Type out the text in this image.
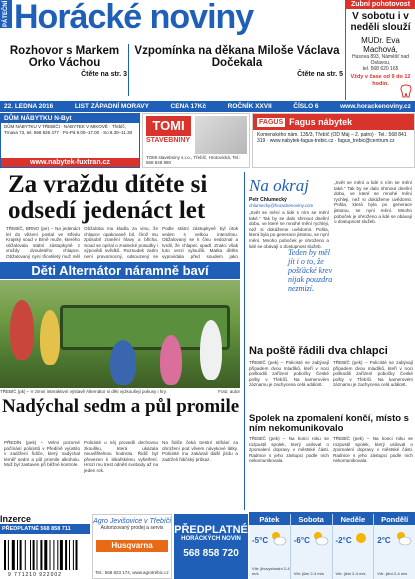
PÁTEČNÍ Horácké noviny
Rozhovor s Markem Orko Váchou
Čtěte na str. 3
Vzpomínka na děkana Miloše Václava Dočekala
Čtěte na str. 5
Zubní pohotovost
V sobotu i v neděli slouží
MUDr. Eva Machová,
Husova 893, Náměšť nad Oslavou,
tel. 568 620 165
Vždy v čase od 9 do 12 hodin.
22. LEDNA 2016	LIST ZÁPADNÍ MORAVY	CENA 17Kč	ROČNÍK XXVII	ČÍSLO 6	www.horackenoviny.cz
DŮM NÁBYTKU N-Byt
DŮM NÁBYTKU V TŘEBÍČI · NÁBYTEK V MIKOVĚ · Třebíč, Trnava 73, tel. 568 826 477 · Po-Pá 9.00–17.00 · So 8.30–11.30
www.nabytek-fuxtran.cz
TOMI
STAVEBNINY
TOMI stavebniny s.r.o., Třebíč, Hrotovická, Tel.: 568 848 880
FAGUS Fagus nábytek
Komenského nám. 135/3, Třebíč (OD Máj – 2. patro) · Tel.: 568 841 319 · www.nabytek-fagus-trebic.cz · fagus_trebic@centrum.cz
Za vraždu dítěte si odsedí jedenáct let
TŘEBÍČ, BRNO (pe) – Na jedenáct let do vězení poslal ve středu Krajský soud v Brně muže, kterého obžalovala státní zástupkyně z vraždy dvouletého chlapce. Obžalovaný nyní třicetiletý muž měl
Obžaloba mu kladla za vinu, že chlapce opakovaně bil, čímž mu způsobil zranění hlavy a břicha. Soud se opíral o znalecké posudky i výpovědi svědků. Rozsudek zatím není pravomocný, odsouzený se
Podle státní zástupkyně byl útok veden s velkou intenzitou. Obžalovaný se k činu nedoznal a tvrdil, že chlapec upadl. Znalci však tuto verzi vyloučili. Matka dítěte vypovídala před soudem jako
Děti Alternátor náramně baví
TŘEBÍČ (pk) – V zimní interaktivní výstavě Alternátor si děti vyzkoušejí pokusy i hry.	Foto: autor
Nadýchal sedm a půl promile
PŘEDÍN (pek) – Velmi pozorné počínání policistů v Předíně vyústilo v zadržení řidiče, který nadýchal téměř sedm a půl promile alkoholu. Muž byl zastaven při běžné kontrole.
Policisté u něj provedli dechovou zkoušku, která ukázala neuvěřitelnou hodnotu. Řidič byl převezen k lékařskému vyšetření. Hrozí mu trest odnětí svobody až na jeden rok.
Na řidiče čeká trestní stíhání za ohrožení pod vlivem návykové látky. Policisté mu zakázali další jízdu a zadrželi řidičský průkaz.
Na okraj
Petr Chlumecký
chlumecky@horackenoviny.com
„Svět se mění a lidé s ním se mění také.“ Tak by se dalo shrnout dnešní dobu, ve které se mnohé mění rychleji, než si dokážeme uvědomit. Pošta, která byla po generace jistotou, se nyní mění. Mnoho poboček je ohroženo a lidé se obávají o dostupnost služeb.
Teden by měl jít i o to, že pošťácké krev nijak pouzdra nezmizí.
„Svět se mění a lidé s ním se mění také.“ Tak by se dalo shrnout dnešní dobu, ve které se mnohé mění rychleji, než si dokážeme uvědomit. Pošta, která byla po generace jistotou, se nyní mění. Mnoho poboček je ohroženo a lidé se obávají o dostupnost služeb.
Na poště řádili dva chlapci
TŘEBÍČ (pek) – Policisté se zabývají případem dvou mladíků, kteří v noci poškodili zařízení pobočky České pošty v Třebíči. Na kamerovém záznamu je zachycena celá událost.
TŘEBÍČ (pek) – Policisté se zabývají případem dvou mladíků, kteří v noci poškodili zařízení pobočky České pošty v Třebíči. Na kamerovém záznamu je zachycena celá událost.
Spolek na zpomalení končí, místo s ním nekomunikovalo
TŘEBÍČ (pek) – Na konci roku se rozpustil spolek, který usiloval o zpomalení dopravy v městské části. Radnice s jeho zástupci podle nich nekomunikovala.
TŘEBÍČ (pek) – Na konci roku se rozpustil spolek, který usiloval o zpomalení dopravy v městské části. Radnice s jeho zástupci podle nich nekomunikovala.
Inzerce
PŘEDPLATNÉ 568 858 711
9 771210 922002
Agro Jevišovice v Třebíči
Autorizovaný prodej a servis
Tel.: 568 823 174, www.agrotrebic.cz
Husqvarna
PŘEDPLATNÉ
HORÁCKÝCH NOVIN
568 858 720
Pátek
-5°C
Vítr: jihovýchodní 2-4 m/s
Sobota
-6°C
Vítr: jižní 2-4 m/s
Neděle
-2°C
Vítr: jižní 2-4 m/s
Pondělí
2°C
Vítr: jižní 2-4 m/s
